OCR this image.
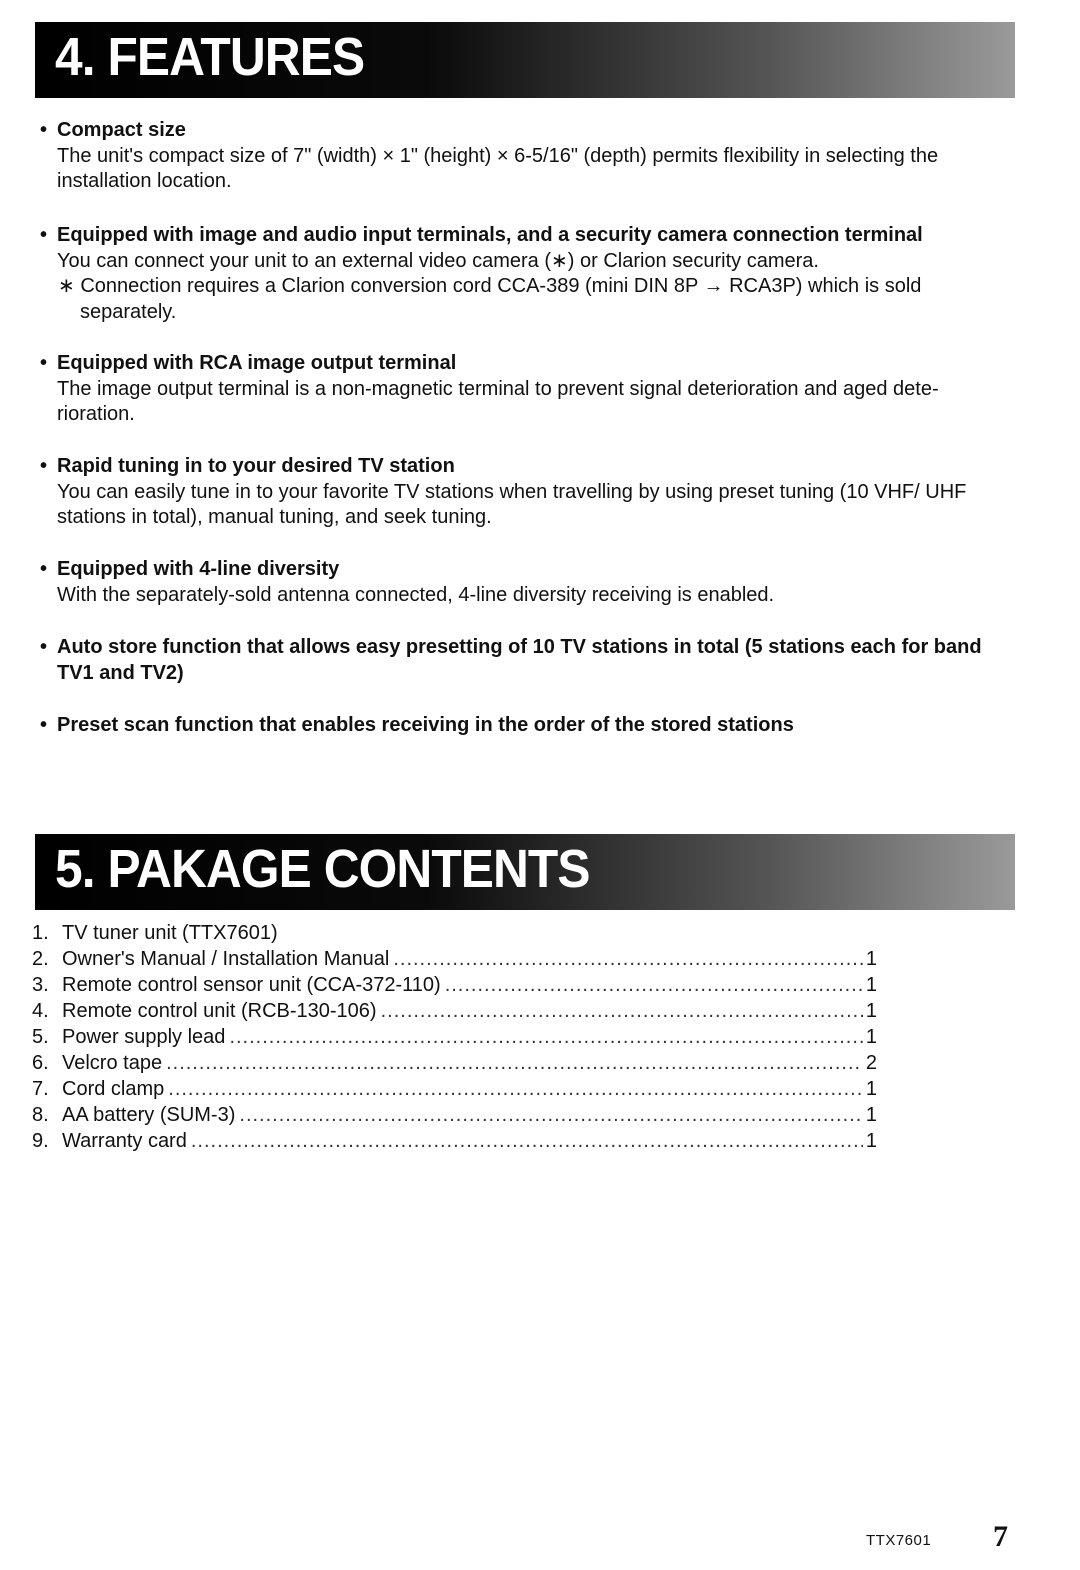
4. FEATURES
• Compact size
The unit's compact size of 7" (width) × 1" (height) × 6-5/16" (depth) permits flexibility in selecting the installation location.
• Equipped with image and audio input terminals, and a security camera connection terminal
You can connect your unit to an external video camera (∗) or Clarion security camera.
∗ Connection requires a Clarion conversion cord CCA-389 (mini DIN 8P → RCA3P) which is sold separately.
• Equipped with RCA image output terminal
The image output terminal is a non-magnetic terminal to prevent signal deterioration and aged dete-rioration.
• Rapid tuning in to your desired TV station
You can easily tune in to your favorite TV stations when travelling by using preset tuning (10 VHF/ UHF stations in total), manual tuning, and seek tuning.
• Equipped with 4-line diversity
With the separately-sold antenna connected, 4-line diversity receiving is enabled.
• Auto store function that allows easy presetting of 10 TV stations in total (5 stations each for band TV1 and TV2)
• Preset scan function that enables receiving in the order of the stored stations
5. PAKAGE CONTENTS
1. TV tuner unit (TTX7601)
2. Owner's Manual / Installation Manual .....	1
3. Remote control sensor unit (CCA-372-110) .....	1
4. Remote control unit (RCB-130-106) .....	1
5. Power supply lead .....	1
6. Velcro tape .....	2
7. Cord clamp .....	1
8. AA battery (SUM-3) .....	1
9. Warranty card .....	1
TTX7601 7
